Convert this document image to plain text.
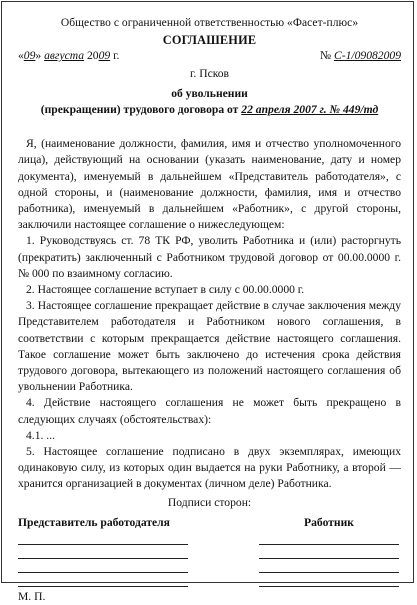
Общество с ограниченной ответственностью «Фасет-плюс»
СОГЛАШЕНИЕ
«09» августа 2009 г.	№ С-1/09082009
г. Псков
об увольнении
(прекращении) трудового договора от 22 апреля 2007 г. № 449/тд

Я, (наименование должности, фамилия, имя и отчество уполномоченного лица), действующий на основании (указать наименование, дату и номер документа), именуемый в дальнейшем «Представитель работодателя», с одной стороны, и (наименование должности, фамилия, имя и отчество работника), именуемый в дальнейшем «Работник», с другой стороны, заключили настоящее соглашение о нижеследующем:

1. Руководствуясь ст. 78 ТК РФ, уволить Работника и (или) расторгнуть (прекратить) заключенный с Работником трудовой договор от 00.00.0000 г. № 000 по взаимному согласию.

2. Настоящее соглашение вступает в силу с 00.00.0000 г.

3. Настоящее соглашение прекращает действие в случае заключения между Представителем работодателя и Работником нового соглашения, в соответствии с которым прекращается действие настоящего соглашения. Такое соглашение может быть заключено до истечения срока действия трудового договора, вытекающего из положений настоящего соглашения об увольнении Работника.

4. Действие настоящего соглашения не может быть прекращено в следующих случаях (обстоятельствах):

4.1. ...

5. Настоящее соглашение подписано в двух экземплярах, имеющих одинаковую силу, из которых один выдается на руки Работнику, а второй — хранится организацией в документах (личном деле) Работника.

Подписи сторон:
Представитель работодателя	Работник
М. П.
